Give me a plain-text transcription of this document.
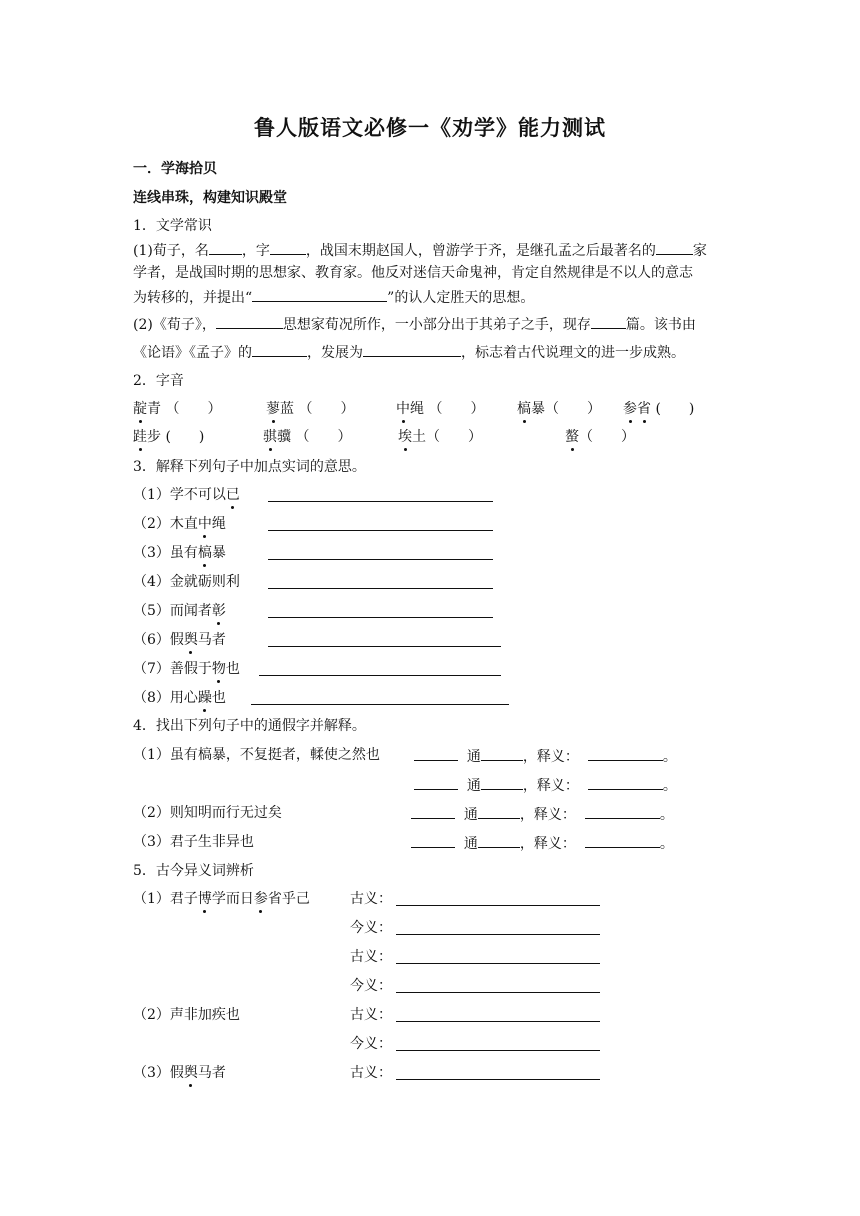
鲁人版语文必修一《劝学》能力测试
一．学海拾贝
连线串珠，构建知识殿堂
1．文学常识
(1)荀子，名 ，字	，战国末期赵国人，曾游学于齐，是继孔孟之后最著名的	家
学者，是战国时期的思想家、教育家。他反对迷信天命鬼神，肯定自然规律是不以人的意志
为转移的，并提出“	”的认人定胜天的思想。
(2)《荀子》，	思想家荀况所作，一小部分出于其弟子之手，现存	篇。该书由
《论语》《孟子》的	，发展为	，标志着古代说理文的进一步成熟。
2．字音
靛青 （　　）	蓼蓝 （　　）	中绳 （　　） 槁暴（　　） 参省 (　　)
跬步 (　　)	骐骥 （　　）	埃土（　　）	螯（　　）
3．解释下列句子中加点实词的意思。
（1）学不可以已
（2）木直中绳
（3）虽有槁暴
（4）金就砺则利
（5）而闻者彰
（6）假舆马者
（7）善假于物也
（8）用心躁也
4．找出下列句子中的通假字并解释。
（1）虽有槁暴，不复挺者，輮使之然也	通	，释义：	。
通	，释义：	。
（2）则知明而行无过矣	通	，释义：	。
（3）君子生非异也	通	，释义：	。
5．古今异义词辨析
（1）君子博学而日参省乎己	古义：
今义：
古义：
今义：
（2）声非加疾也	古义：
今义：
（3）假舆马者	古义：
